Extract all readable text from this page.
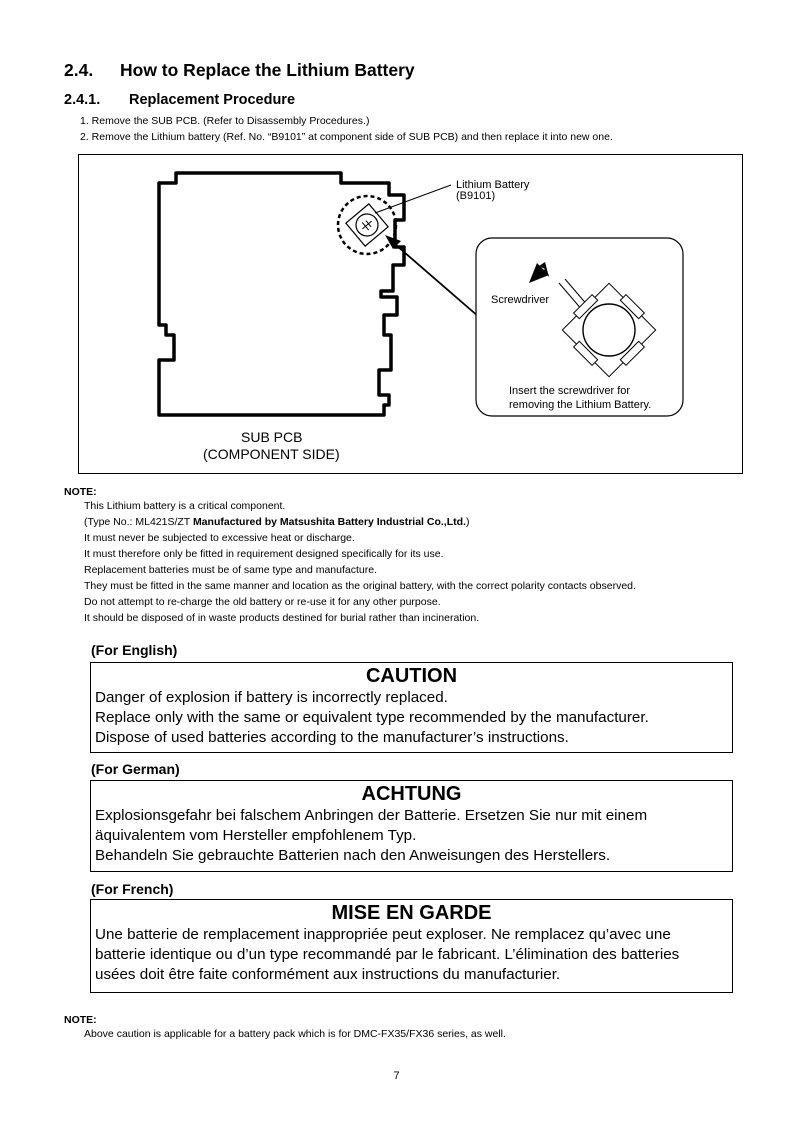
2.4. How to Replace the Lithium Battery
2.4.1. Replacement Procedure
1. Remove the SUB PCB. (Refer to Disassembly Procedures.)
2. Remove the Lithium battery (Ref. No. “B9101” at component side of SUB PCB) and then replace it into new one.
Lithium Battery
(B9101)
Screwdriver
Insert the screwdriver for
removing the Lithium Battery.
SUB PCB
(COMPONENT SIDE)
NOTE:
This Lithium battery is a critical component.
(Type No.: ML421S/ZT Manufactured by Matsushita Battery Industrial Co.,Ltd.)
It must never be subjected to excessive heat or discharge.
It must therefore only be fitted in requirement designed specifically for its use.
Replacement batteries must be of same type and manufacture.
They must be fitted in the same manner and location as the original battery, with the correct polarity contacts observed.
Do not attempt to re-charge the old battery or re-use it for any other purpose.
It should be disposed of in waste products destined for burial rather than incineration.
(For English)
CAUTION
Danger of explosion if battery is incorrectly replaced.
Replace only with the same or equivalent type recommended by the manufacturer.
Dispose of used batteries according to the manufacturer’s instructions.
(For German)
ACHTUNG
Explosionsgefahr bei falschem Anbringen der Batterie. Ersetzen Sie nur mit einem
äquivalentem vom Hersteller empfohlenem Typ.
Behandeln Sie gebrauchte Batterien nach den Anweisungen des Herstellers.
(For French)
MISE EN GARDE
Une batterie de remplacement inappropriée peut exploser. Ne remplacez qu’avec une
batterie identique ou d’un type recommandé par le fabricant. L’élimination des batteries
usées doit être faite conformément aux instructions du manufacturier.
NOTE:
Above caution is applicable for a battery pack which is for DMC-FX35/FX36 series, as well.
7
